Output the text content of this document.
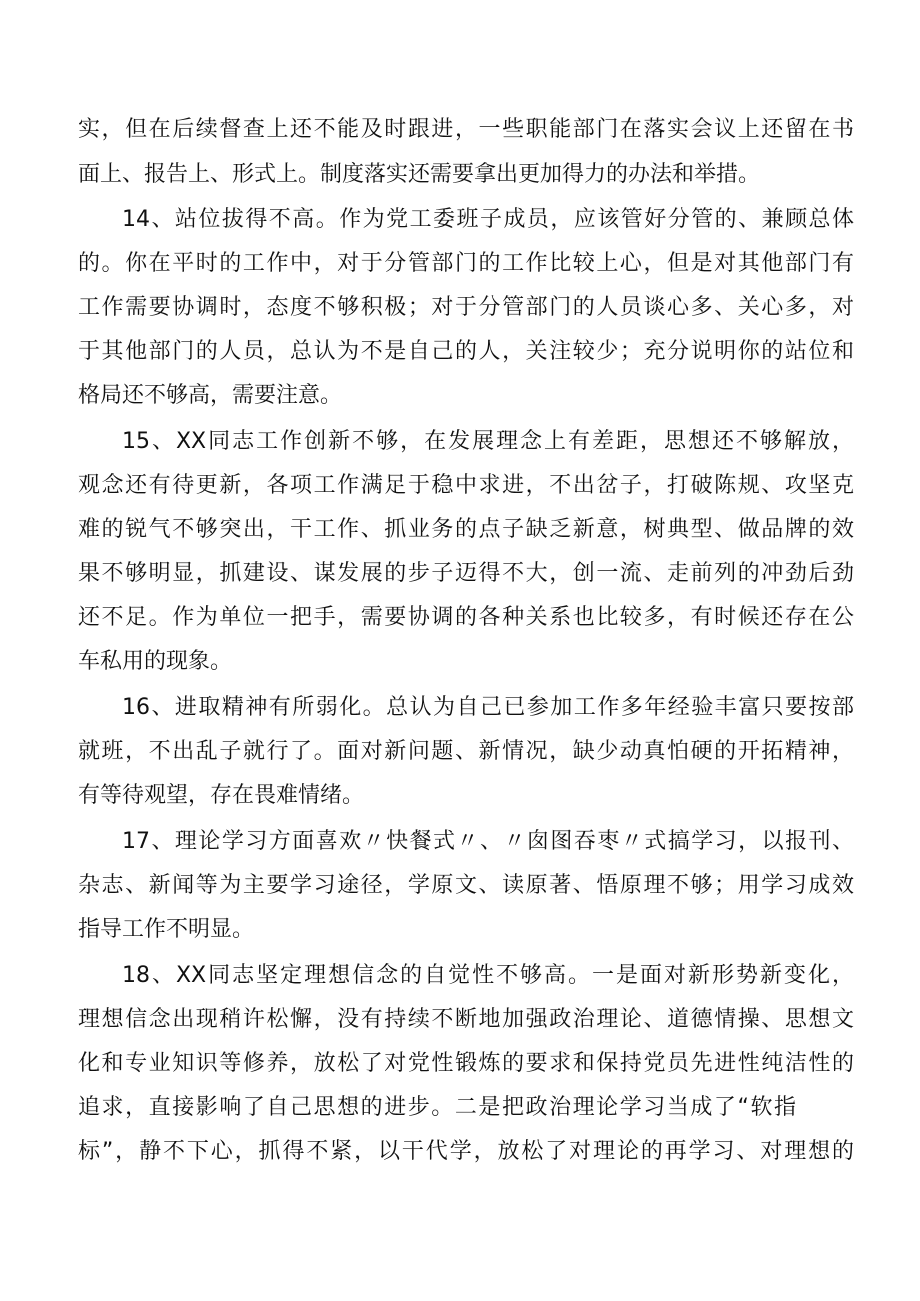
实，但在后续督查上还不能及时跟进，一些职能部门在落实会议上还留在书
面上、报告上、形式上。制度落实还需要拿出更加得力的办法和举措。
14、站位拔得不高。作为党工委班子成员，应该管好分管的、兼顾总体
的。你在平时的工作中，对于分管部门的工作比较上心，但是对其他部门有
工作需要协调时，态度不够积极；对于分管部门的人员谈心多、关心多，对
于其他部门的人员，总认为不是自己的人，关注较少；充分说明你的站位和
格局还不够高，需要注意。
15、XX同志工作创新不够，在发展理念上有差距，思想还不够解放，
观念还有待更新，各项工作满足于稳中求进，不出岔子，打破陈规、攻坚克
难的锐气不够突出，干工作、抓业务的点子缺乏新意，树典型、做品牌的效
果不够明显，抓建设、谋发展的步子迈得不大，创一流、走前列的冲劲后劲
还不足。作为单位一把手，需要协调的各种关系也比较多，有时候还存在公
车私用的现象。
16、进取精神有所弱化。总认为自己已参加工作多年经验丰富只要按部
就班，不出乱子就行了。面对新问题、新情况，缺少动真怕硬的开拓精神，
有等待观望，存在畏难情绪。
17、理论学习方面喜欢〃快餐式〃、〃囱图吞枣〃式搞学习，以报刊、
杂志、新闻等为主要学习途径，学原文、读原著、悟原理不够；用学习成效
指导工作不明显。
18、XX同志坚定理想信念的自觉性不够高。一是面对新形势新变化，
理想信念出现稍许松懈，没有持续不断地加强政治理论、道德情操、思想文
化和专业知识等修养，放松了对党性锻炼的要求和保持党员先进性纯洁性的
追求，直接影响了自己思想的进步。二是把政治理论学习当成了“软指
标”，静不下心，抓得不紧，以干代学，放松了对理论的再学习、对理想的
